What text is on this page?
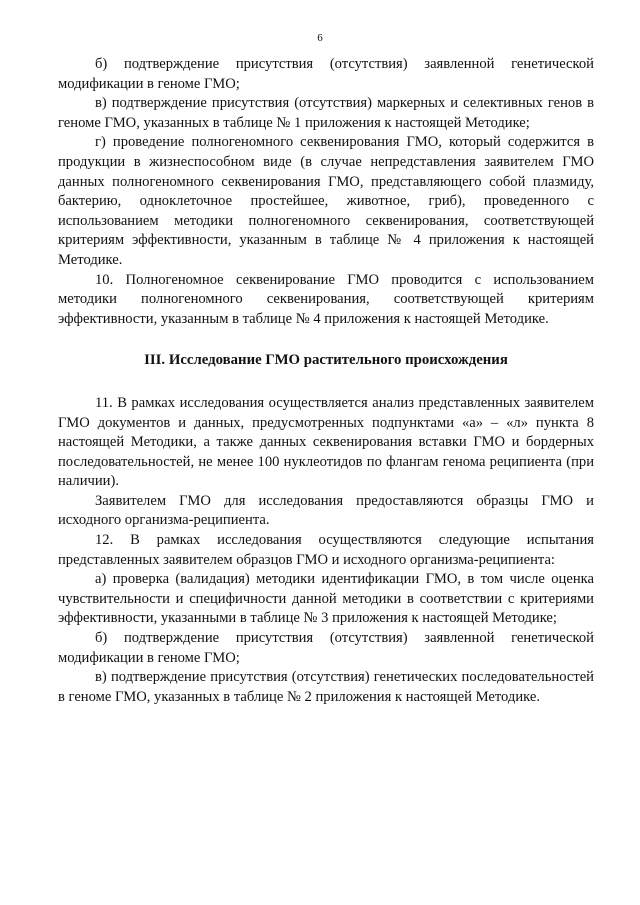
6

б) подтверждение присутствия (отсутствия) заявленной генетической модификации в геноме ГМО;

в) подтверждение присутствия (отсутствия) маркерных и селективных генов в геноме ГМО, указанных в таблице № 1 приложения к настоящей Методике;

г) проведение полногеномного секвенирования ГМО, который содержится в продукции в жизнеспособном виде (в случае непредставления заявителем ГМО данных полногеномного секвенирования ГМО, представляющего собой плазмиду, бактерию, одноклеточное простейшее, животное, гриб), проведенного с использованием методики полногеномного секвенирования, соответствующей критериям эффективности, указанным в таблице № 4 приложения к настоящей Методике.

10. Полногеномное секвенирование ГМО проводится с использованием методики полногеномного секвенирования, соответствующей критериям эффективности, указанным в таблице № 4 приложения к настоящей Методике.

III. Исследование ГМО растительного происхождения

11. В рамках исследования осуществляется анализ представленных заявителем ГМО документов и данных, предусмотренных подпунктами «а» – «л» пункта 8 настоящей Методики, а также данных секвенирования вставки ГМО и бордерных последовательностей, не менее 100 нуклеотидов по флангам генома реципиента (при наличии).

Заявителем ГМО для исследования предоставляются образцы ГМО и исходного организма-реципиента.

12. В рамках исследования осуществляются следующие испытания представленных заявителем образцов ГМО и исходного организма-реципиента:

а) проверка (валидация) методики идентификации ГМО, в том числе оценка чувствительности и специфичности данной методики в соответствии с критериями эффективности, указанными в таблице № 3 приложения к настоящей Методике;

б) подтверждение присутствия (отсутствия) заявленной генетической модификации в геноме ГМО;

в) подтверждение присутствия (отсутствия) генетических последовательностей в геноме ГМО, указанных в таблице № 2 приложения к настоящей Методике.
